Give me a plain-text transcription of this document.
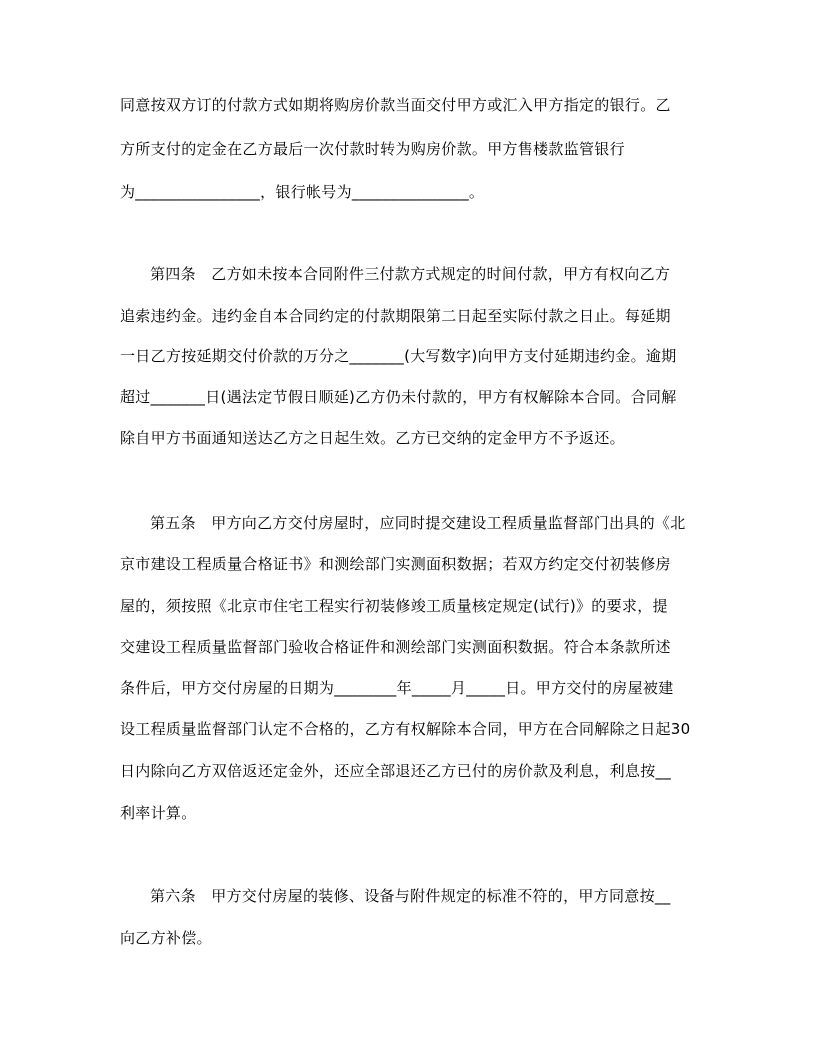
同意按双方订的付款方式如期将购房价款当面交付甲方或汇入甲方指定的银行。乙
方所支付的定金在乙方最后一次付款时转为购房价款。甲方售楼款监管银行
为________________，银行帐号为_______________。
第四条　乙方如未按本合同附件三付款方式规定的时间付款，甲方有权向乙方
追索违约金。违约金自本合同约定的付款期限第二日起至实际付款之日止。每延期
一日乙方按延期交付价款的万分之_______(大写数字)向甲方支付延期违约金。逾期
超过_______日(遇法定节假日顺延)乙方仍未付款的，甲方有权解除本合同。合同解
除自甲方书面通知送达乙方之日起生效。乙方已交纳的定金甲方不予返还。
第五条　甲方向乙方交付房屋时，应同时提交建设工程质量监督部门出具的《北
京市建设工程质量合格证书》和测绘部门实测面积数据；若双方约定交付初装修房
屋的，须按照《北京市住宅工程实行初装修竣工质量核定规定(试行)》的要求，提
交建设工程质量监督部门验收合格证件和测绘部门实测面积数据。符合本条款所述
条件后，甲方交付房屋的日期为________年_____月_____日。甲方交付的房屋被建
设工程质量监督部门认定不合格的，乙方有权解除本合同，甲方在合同解除之日起30
日内除向乙方双倍返还定金外，还应全部退还乙方已付的房价款及利息，利息按__
利率计算。
第六条　甲方交付房屋的装修、设备与附件规定的标准不符的，甲方同意按__
向乙方补偿。
